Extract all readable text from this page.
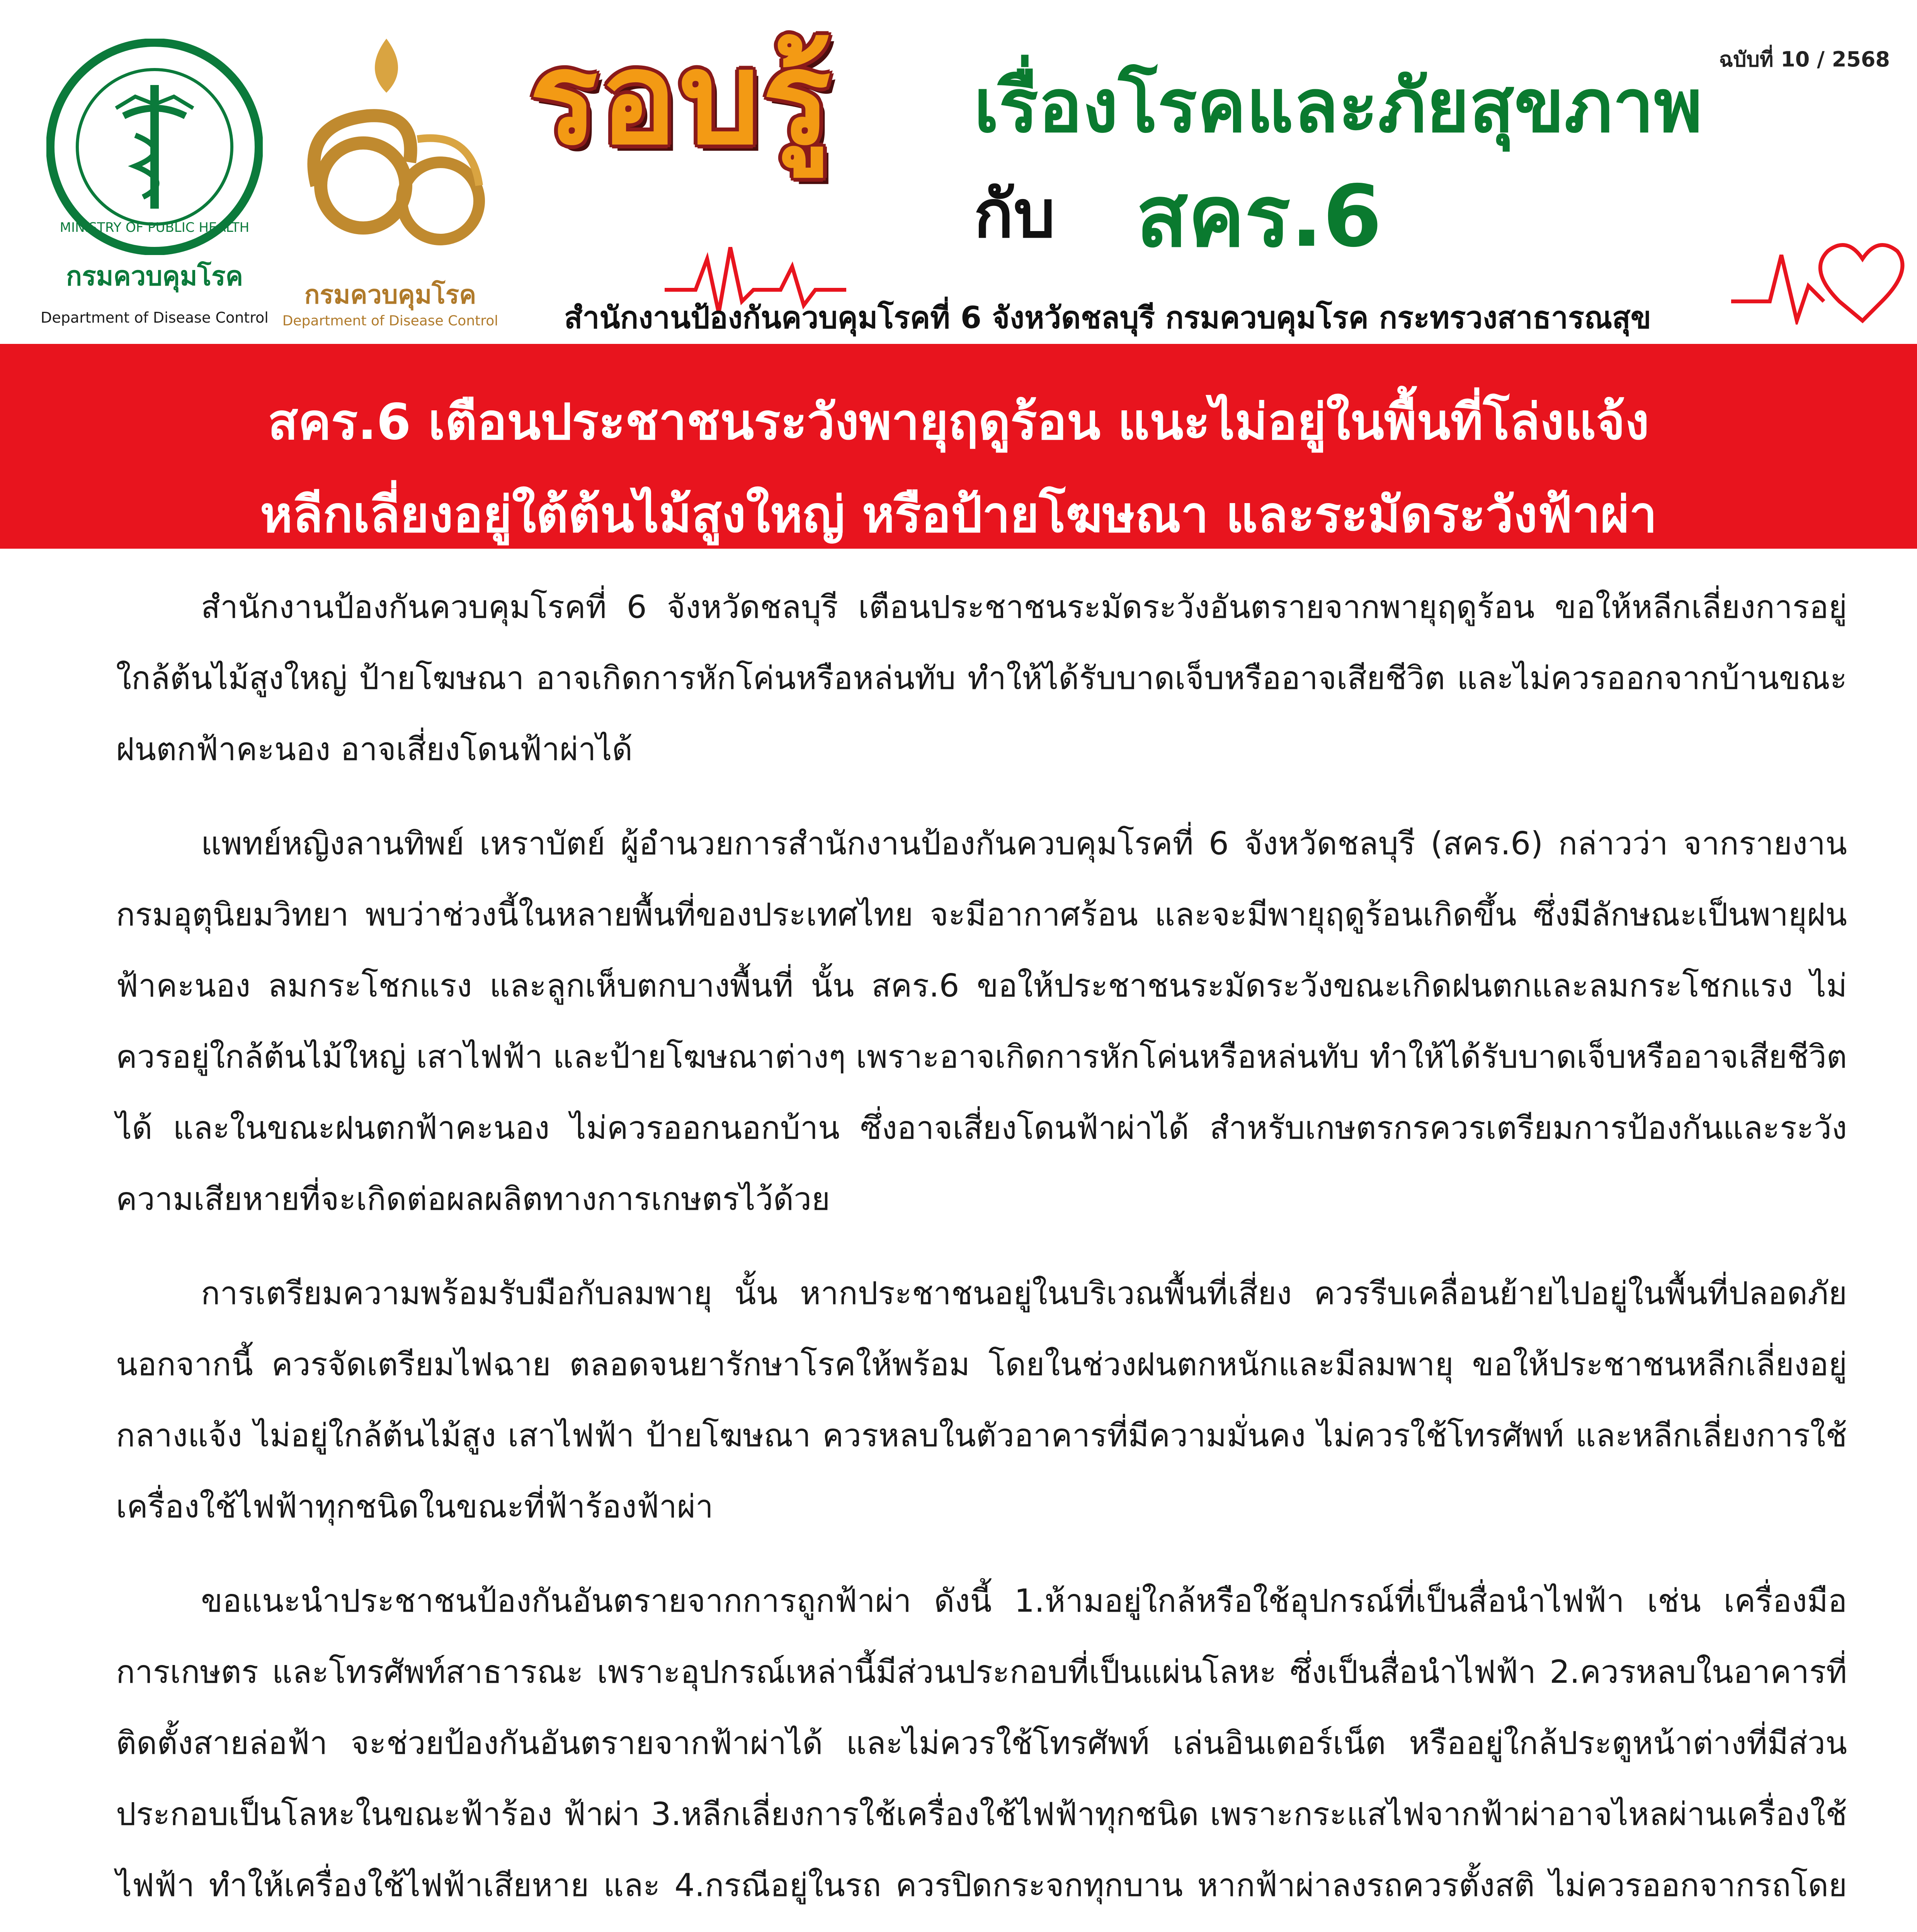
MINISTRY OF PUBLIC HEALTH
กรมควบคุมโรค
Department of Disease Control
กรมควบคุมโรค
Department of Disease Control
ฉบับที่ 10 / 2568
รอบรู้ เรื่องโรคและภัยสุขภาพ
กับ สคร.6
สำนักงานป้องกันควบคุมโรคที่ 6 จังหวัดชลบุรี กรมควบคุมโรค กระทรวงสาธารณสุข
สคร.6 เตือนประชาชนระวังพายุฤดูร้อน แนะไม่อยู่ในพื้นที่โล่งแจ้ง
หลีกเลี่ยงอยู่ใต้ต้นไม้สูงใหญ่ หรือป้ายโฆษณา และระมัดระวังฟ้าผ่า

สำนักงานป้องกันควบคุมโรคที่ 6 จังหวัดชลบุรี เตือนประชาชนระมัดระวังอันตรายจากพายุฤดูร้อน ขอให้หลีกเลี่ยงการอยู่ใกล้ต้นไม้สูงใหญ่ ป้ายโฆษณา อาจเกิดการหักโค่นหรือหล่นทับ ทำให้ได้รับบาดเจ็บหรืออาจเสียชีวิต และไม่ควรออกจากบ้านขณะฝนตกฟ้าคะนอง อาจเสี่ยงโดนฟ้าผ่าได้

แพทย์หญิงลานทิพย์ เหราบัตย์ ผู้อำนวยการสำนักงานป้องกันควบคุมโรคที่ 6 จังหวัดชลบุรี (สคร.6) กล่าวว่า จากรายงานกรมอุตุนิยมวิทยา พบว่าช่วงนี้ในหลายพื้นที่ของประเทศไทย จะมีอากาศร้อน และจะมีพายุฤดูร้อนเกิดขึ้น ซึ่งมีลักษณะเป็นพายุฝนฟ้าคะนอง ลมกระโชกแรง และลูกเห็บตกบางพื้นที่ นั้น สคร.6 ขอให้ประชาชนระมัดระวังขณะเกิดฝนตกและลมกระโชกแรง ไม่ควรอยู่ใกล้ต้นไม้ใหญ่ เสาไฟฟ้า และป้ายโฆษณาต่างๆ เพราะอาจเกิดการหักโค่นหรือหล่นทับ ทำให้ได้รับบาดเจ็บหรืออาจเสียชีวิตได้ และในขณะฝนตกฟ้าคะนอง ไม่ควรออกนอกบ้าน ซึ่งอาจเสี่ยงโดนฟ้าผ่าได้ สำหรับเกษตรกรควรเตรียมการป้องกันและระวังความเสียหายที่จะเกิดต่อผลผลิตทางการเกษตรไว้ด้วย

การเตรียมความพร้อมรับมือกับลมพายุ นั้น หากประชาชนอยู่ในบริเวณพื้นที่เสี่ยง ควรรีบเคลื่อนย้ายไปอยู่ในพื้นที่ปลอดภัย นอกจากนี้ ควรจัดเตรียมไฟฉาย ตลอดจนยารักษาโรคให้พร้อม โดยในช่วงฝนตกหนักและมีลมพายุ ขอให้ประชาชนหลีกเลี่ยงอยู่กลางแจ้ง ไม่อยู่ใกล้ต้นไม้สูง เสาไฟฟ้า ป้ายโฆษณา ควรหลบในตัวอาคารที่มีความมั่นคง ไม่ควรใช้โทรศัพท์ และหลีกเลี่ยงการใช้เครื่องใช้ไฟฟ้าทุกชนิดในขณะที่ฟ้าร้องฟ้าผ่า

ขอแนะนำประชาชนป้องกันอันตรายจากการถูกฟ้าผ่า ดังนี้ 1.ห้ามอยู่ใกล้หรือใช้อุปกรณ์ที่เป็นสื่อนำไฟฟ้า เช่น เครื่องมือการเกษตร และโทรศัพท์สาธารณะ เพราะอุปกรณ์เหล่านี้มีส่วนประกอบที่เป็นแผ่นโลหะ ซึ่งเป็นสื่อนำไฟฟ้า 2.ควรหลบในอาคารที่ติดตั้งสายล่อฟ้า จะช่วยป้องกันอันตรายจากฟ้าผ่าได้ และไม่ควรใช้โทรศัพท์ เล่นอินเตอร์เน็ต หรืออยู่ใกล้ประตูหน้าต่างที่มีส่วนประกอบเป็นโลหะในขณะฟ้าร้อง ฟ้าผ่า 3.หลีกเลี่ยงการใช้เครื่องใช้ไฟฟ้าทุกชนิด เพราะกระแสไฟจากฟ้าผ่าอาจไหลผ่านเครื่องใช้ไฟฟ้า ทำให้เครื่องใช้ไฟฟ้าเสียหาย และ 4.กรณีอยู่ในรถ ควรปิดกระจกทุกบาน หากฟ้าผ่าลงรถควรตั้งสติ ไม่ควรออกจากรถโดย
